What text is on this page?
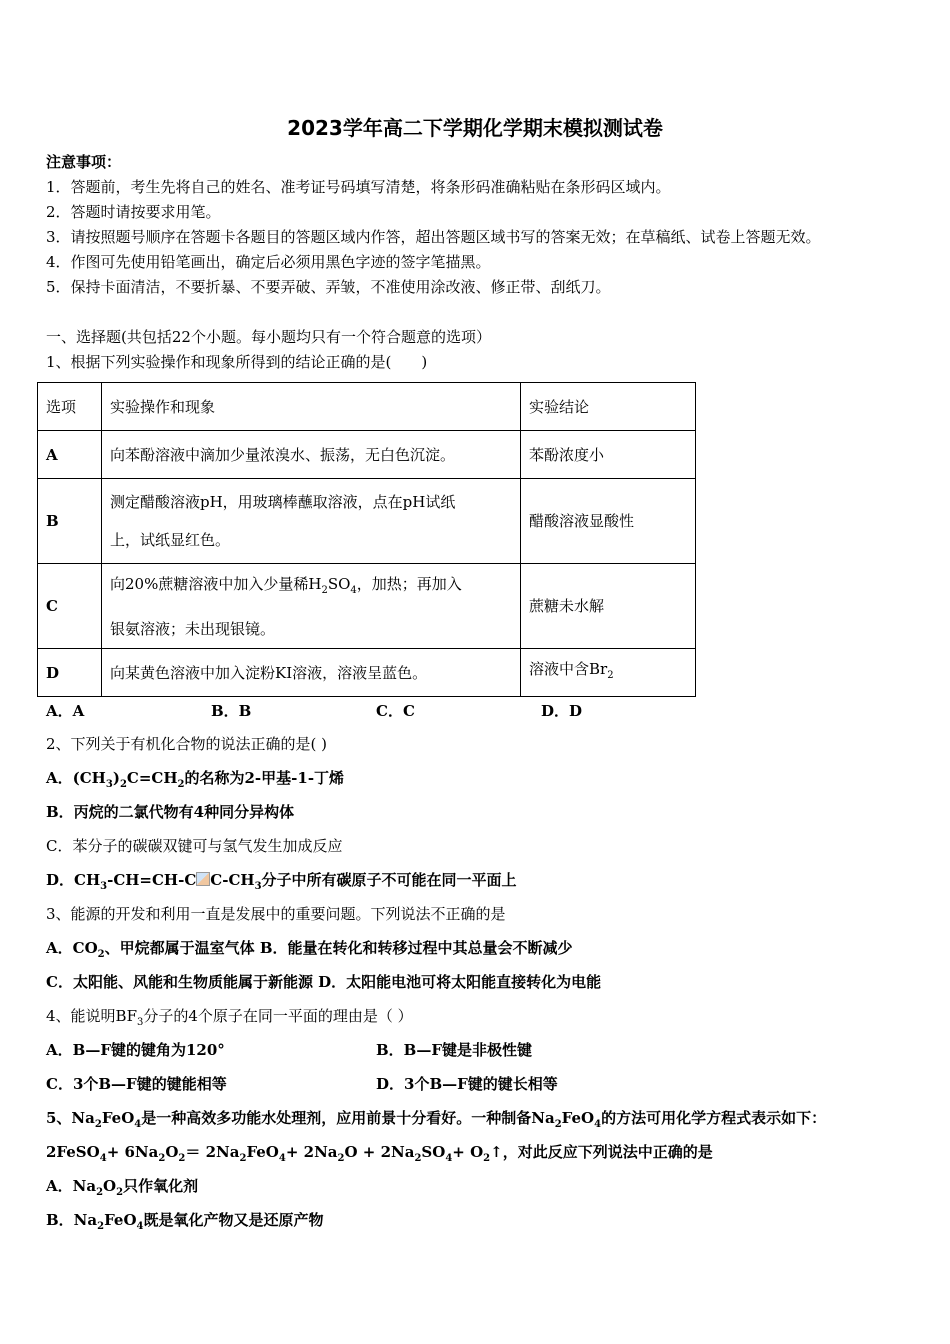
2023学年高二下学期化学期末模拟测试卷
注意事项：
1．答题前，考生先将自己的姓名、准考证号码填写清楚，将条形码准确粘贴在条形码区域内。
2．答题时请按要求用笔。
3．请按照题号顺序在答题卡各题目的答题区域内作答，超出答题区域书写的答案无效；在草稿纸、试卷上答题无效。
4．作图可先使用铅笔画出，确定后必须用黑色字迹的签字笔描黑。
5．保持卡面清洁，不要折暴、不要弄破、弄皱，不准使用涂改液、修正带、刮纸刀。
一、选择题(共包括22个小题。每小题均只有一个符合题意的选项）
1、根据下列实验操作和现象所得到的结论正确的是(　　)
选项	实验操作和现象	实验结论
A	向苯酚溶液中滴加少量浓溴水、振荡，无白色沉淀。	苯酚浓度小
B	测定醋酸溶液pH，用玻璃棒蘸取溶液，点在pH试纸
上，试纸显红色。	醋酸溶液显酸性
C	向20%蔗糖溶液中加入少量稀$H_2SO_4$，加热；再加入
银氨溶液；未出现银镜。	蔗糖未水解
D	向某黄色溶液中加入淀粉KI溶液，溶液呈蓝色。	溶液中含$Br_2$
A．A	B．B	C．C	D．D
2、下列关于有机化合物的说法正确的是( )
A．$(CH_3)_2C=CH_2$的名称为2-甲基-1-丁烯
B．丙烷的二氯代物有4种同分异构体
C．苯分子的碳碳双键可与氢气发生加成反应
D．$CH_3-CH=CH-C$ $C-CH_3$分子中所有碳原子不可能在同一平面上
3、能源的开发和利用一直是发展中的重要问题。下列说法不正确的是
A．$CO_2$、甲烷都属于温室气体 B．能量在转化和转移过程中其总量会不断减少
C．太阳能、风能和生物质能属于新能源 D．太阳能电池可将太阳能直接转化为电能
4、能说明$BF_3$分子的4个原子在同一平面的理由是（ ）
A．B—F键的键角为120°	B．B—F键是非极性键
C．3个B—F键的键能相等	D．3个B—F键的键长相等
5、$Na_2FeO_4$是一种高效多功能水处理剂，应用前景十分看好。一种制备$Na_2FeO_4$的方法可用化学方程式表示如下：
2FeSO$_4$+ $6Na_2O_2= 2Na_2FeO_4+ 2Na_2O + 2Na_2SO_4+$ $O_2↑$，对此反应下列说法中正确的是
A．$Na_2O_2$只作氧化剂
B．$Na_2FeO_4$既是氧化产物又是还原产物
